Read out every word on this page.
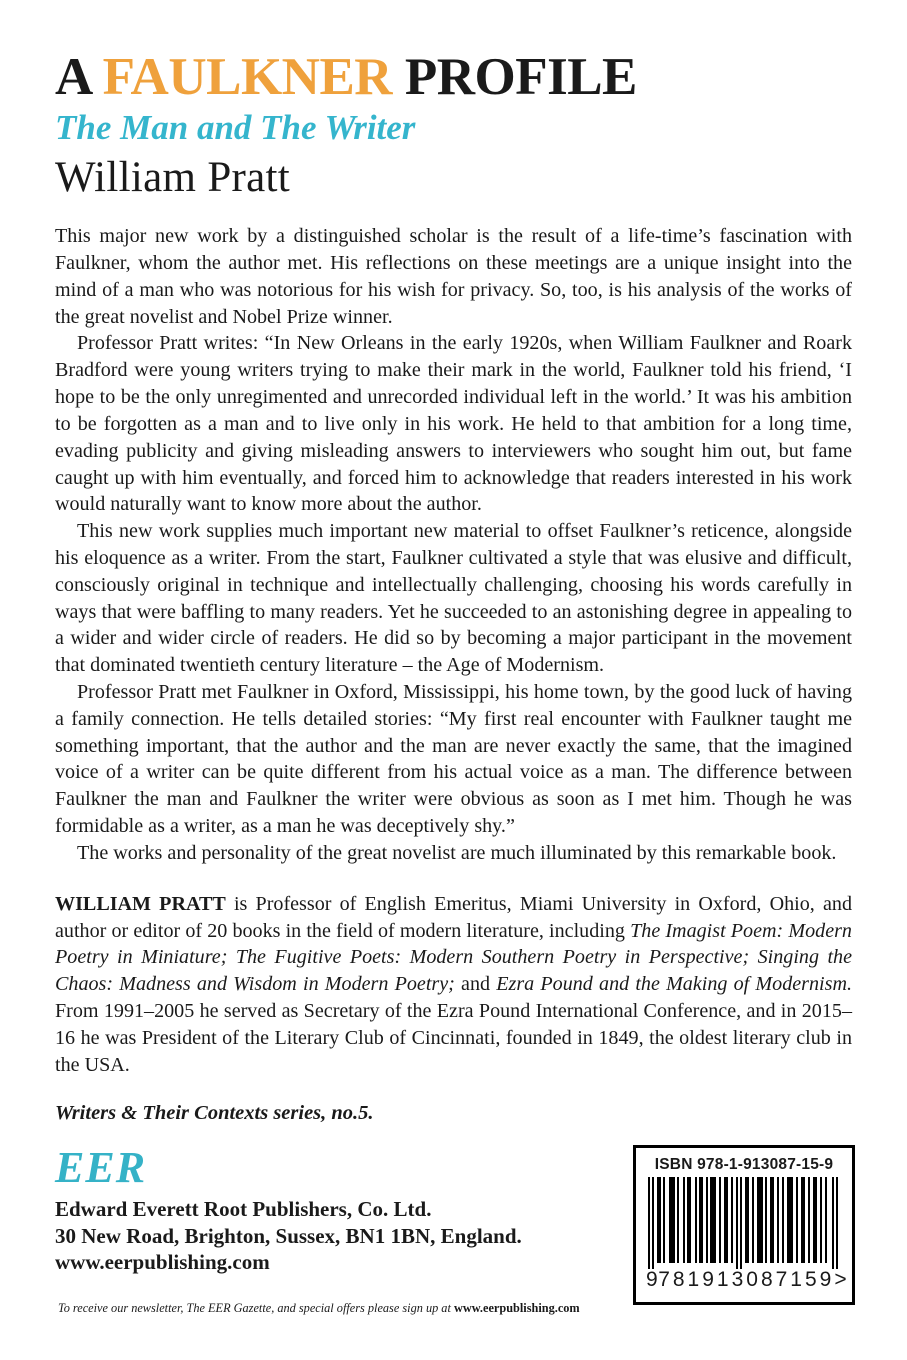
A FAULKNER PROFILE
The Man and The Writer
William Pratt

This major new work by a distinguished scholar is the result of a life-time’s fascination with Faulkner, whom the author met. His reflections on these meetings are a unique insight into the mind of a man who was notorious for his wish for privacy. So, too, is his analysis of the works of the great novelist and Nobel Prize winner.

Professor Pratt writes: “In New Orleans in the early 1920s, when William Faulkner and Roark Bradford were young writers trying to make their mark in the world, Faulkner told his friend, ‘I hope to be the only unregimented and unrecorded individual left in the world.’ It was his ambition to be forgotten as a man and to live only in his work. He held to that ambition for a long time, evading publicity and giving misleading answers to interviewers who sought him out, but fame caught up with him eventually, and forced him to acknowledge that readers interested in his work would naturally want to know more about the author.

This new work supplies much important new material to offset Faulkner’s reticence, alongside his eloquence as a writer. From the start, Faulkner cultivated a style that was elusive and difficult, consciously original in technique and intellectually challenging, choosing his words carefully in ways that were baffling to many readers. Yet he succeeded to an astonishing degree in appealing to a wider and wider circle of readers. He did so by becoming a major participant in the movement that dominated twentieth century literature – the Age of Modernism.

Professor Pratt met Faulkner in Oxford, Mississippi, his home town, by the good luck of having a family connection. He tells detailed stories: “My first real encounter with Faulkner taught me something important, that the author and the man are never exactly the same, that the imagined voice of a writer can be quite different from his actual voice as a man. The difference between Faulkner the man and Faulkner the writer were obvious as soon as I met him. Though he was formidable as a writer, as a man he was deceptively shy.”

The works and personality of the great novelist are much illuminated by this remarkable book.

WILLIAM PRATT is Professor of English Emeritus, Miami University in Oxford, Ohio, and author or editor of 20 books in the field of modern literature, including The Imagist Poem: Modern Poetry in Miniature; The Fugitive Poets: Modern Southern Poetry in Perspective; Singing the Chaos: Madness and Wisdom in Modern Poetry; and Ezra Pound and the Making of Modernism. From 1991–2005 he served as Secretary of the Ezra Pound International Conference, and in 2015–16 he was President of the Literary Club of Cincinnati, founded in 1849, the oldest literary club in the USA.

Writers & Their Contexts series, no.5.
EER

Edward Everett Root Publishers, Co. Ltd.

30 New Road, Brighton, Sussex, BN1 1BN, England.

www.eerpublishing.com

To receive our newsletter, The EER Gazette, and special offers please sign up at www.eerpublishing.com
ISBN 978-1-913087-15-9
9 781913 087159 >
